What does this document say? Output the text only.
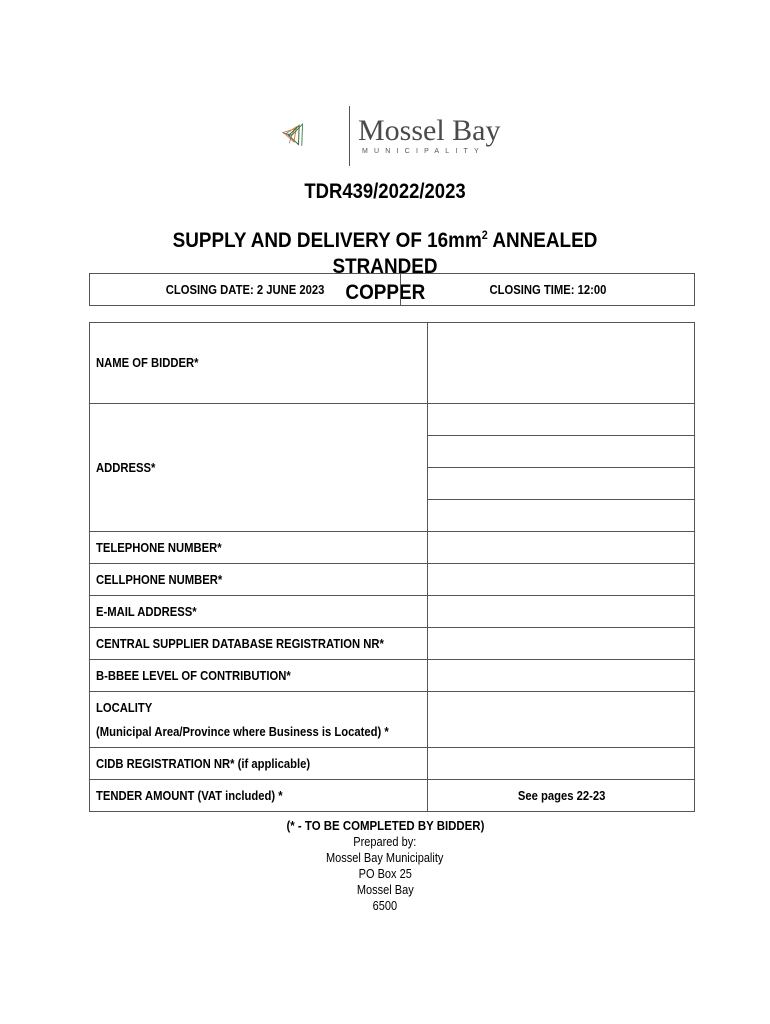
Mossel Bay
MUNICIPALITY
TDR439/2022/2023
SUPPLY AND DELIVERY OF $16mm^2$ ANNEALED STRANDED
COPPER
CLOSING DATE: 2 JUNE 2023	CLOSING TIME: 12:00
NAME OF BIDDER*	
ADDRESS*	

TELEPHONE NUMBER*	
CELLPHONE NUMBER*	
E-MAIL ADDRESS*	
CENTRAL SUPPLIER DATABASE REGISTRATION NR*	
B-BBEE LEVEL OF CONTRIBUTION*	
LOCALITY
(Municipal Area/Province where Business is Located) *	
CIDB REGISTRATION NR* (if applicable)	
TENDER AMOUNT (VAT included) *	See pages 22-23
(* - TO BE COMPLETED BY BIDDER)
Prepared by:
Mossel Bay Municipality
PO Box 25
Mossel Bay
6500
